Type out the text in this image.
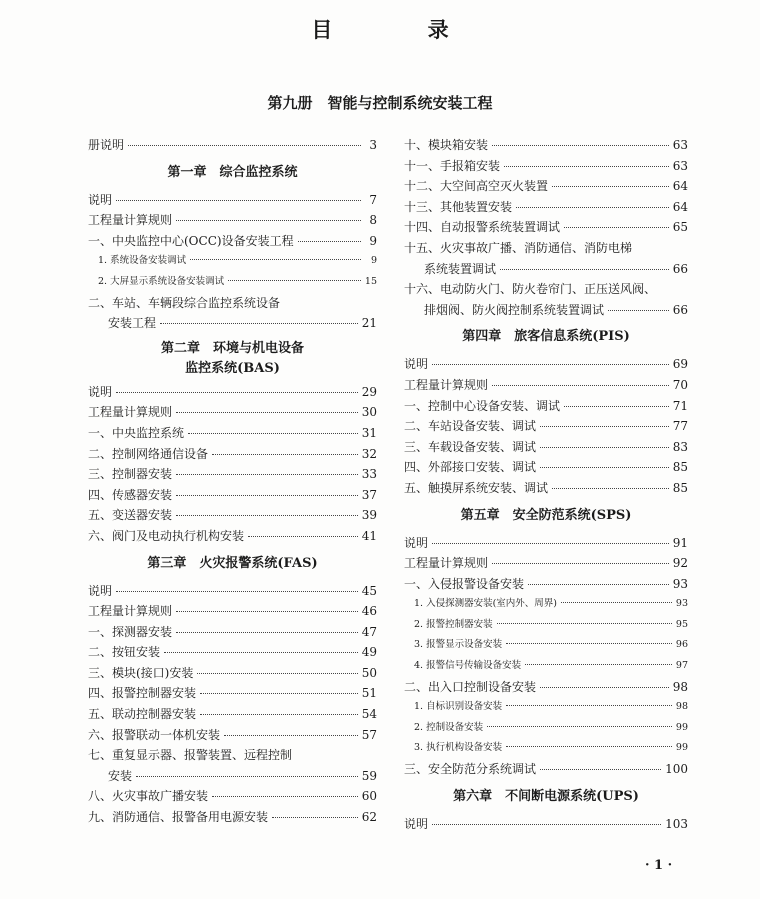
目 录
第九册　智能与控制系统安装工程
册说明	3
第一章　综合监控系统
说明	7
工程量计算规则	8
一、中央监控中心(OCC)设备安装工程	9
1. 系统设备安装调试	9
2. 大屏显示系统设备安装调试	15
二、车站、车辆段综合监控系统设备
安装工程	21
第二章　环境与机电设备
监控系统(BAS)
说明	29
工程量计算规则	30
一、中央监控系统	31
二、控制网络通信设备	32
三、控制器安装	33
四、传感器安装	37
五、变送器安装	39
六、阀门及电动执行机构安装	41
第三章　火灾报警系统(FAS)
说明	45
工程量计算规则	46
一、探测器安装	47
二、按钮安装	49
三、模块(接口)安装	50
四、报警控制器安装	51
五、联动控制器安装	54
六、报警联动一体机安装	57
七、重复显示器、报警装置、远程控制
安装	59
八、火灾事故广播安装	60
九、消防通信、报警备用电源安装	62
十、模块箱安装	63
十一、手报箱安装	63
十二、大空间高空灭火装置	64
十三、其他装置安装	64
十四、自动报警系统装置调试	65
十五、火灾事故广播、消防通信、消防电梯
系统装置调试	66
十六、电动防火门、防火卷帘门、正压送风阀、
排烟阀、防火阀控制系统装置调试	66
第四章　旅客信息系统(PIS)
说明	69
工程量计算规则	70
一、控制中心设备安装、调试	71
二、车站设备安装、调试	77
三、车载设备安装、调试	83
四、外部接口安装、调试	85
五、触摸屏系统安装、调试	85
第五章　安全防范系统(SPS)
说明	91
工程量计算规则	92
一、入侵报警设备安装	93
1. 入侵探测器安装(室内外、周界)	93
2. 报警控制器安装	95
3. 报警显示设备安装	96
4. 报警信号传输设备安装	97
二、出入口控制设备安装	98
1. 自标识别设备安装	98
2. 控制设备安装	99
3. 执行机构设备安装	99
三、安全防范分系统调试	100
第六章　不间断电源系统(UPS)
说明	103
· 1 ·
